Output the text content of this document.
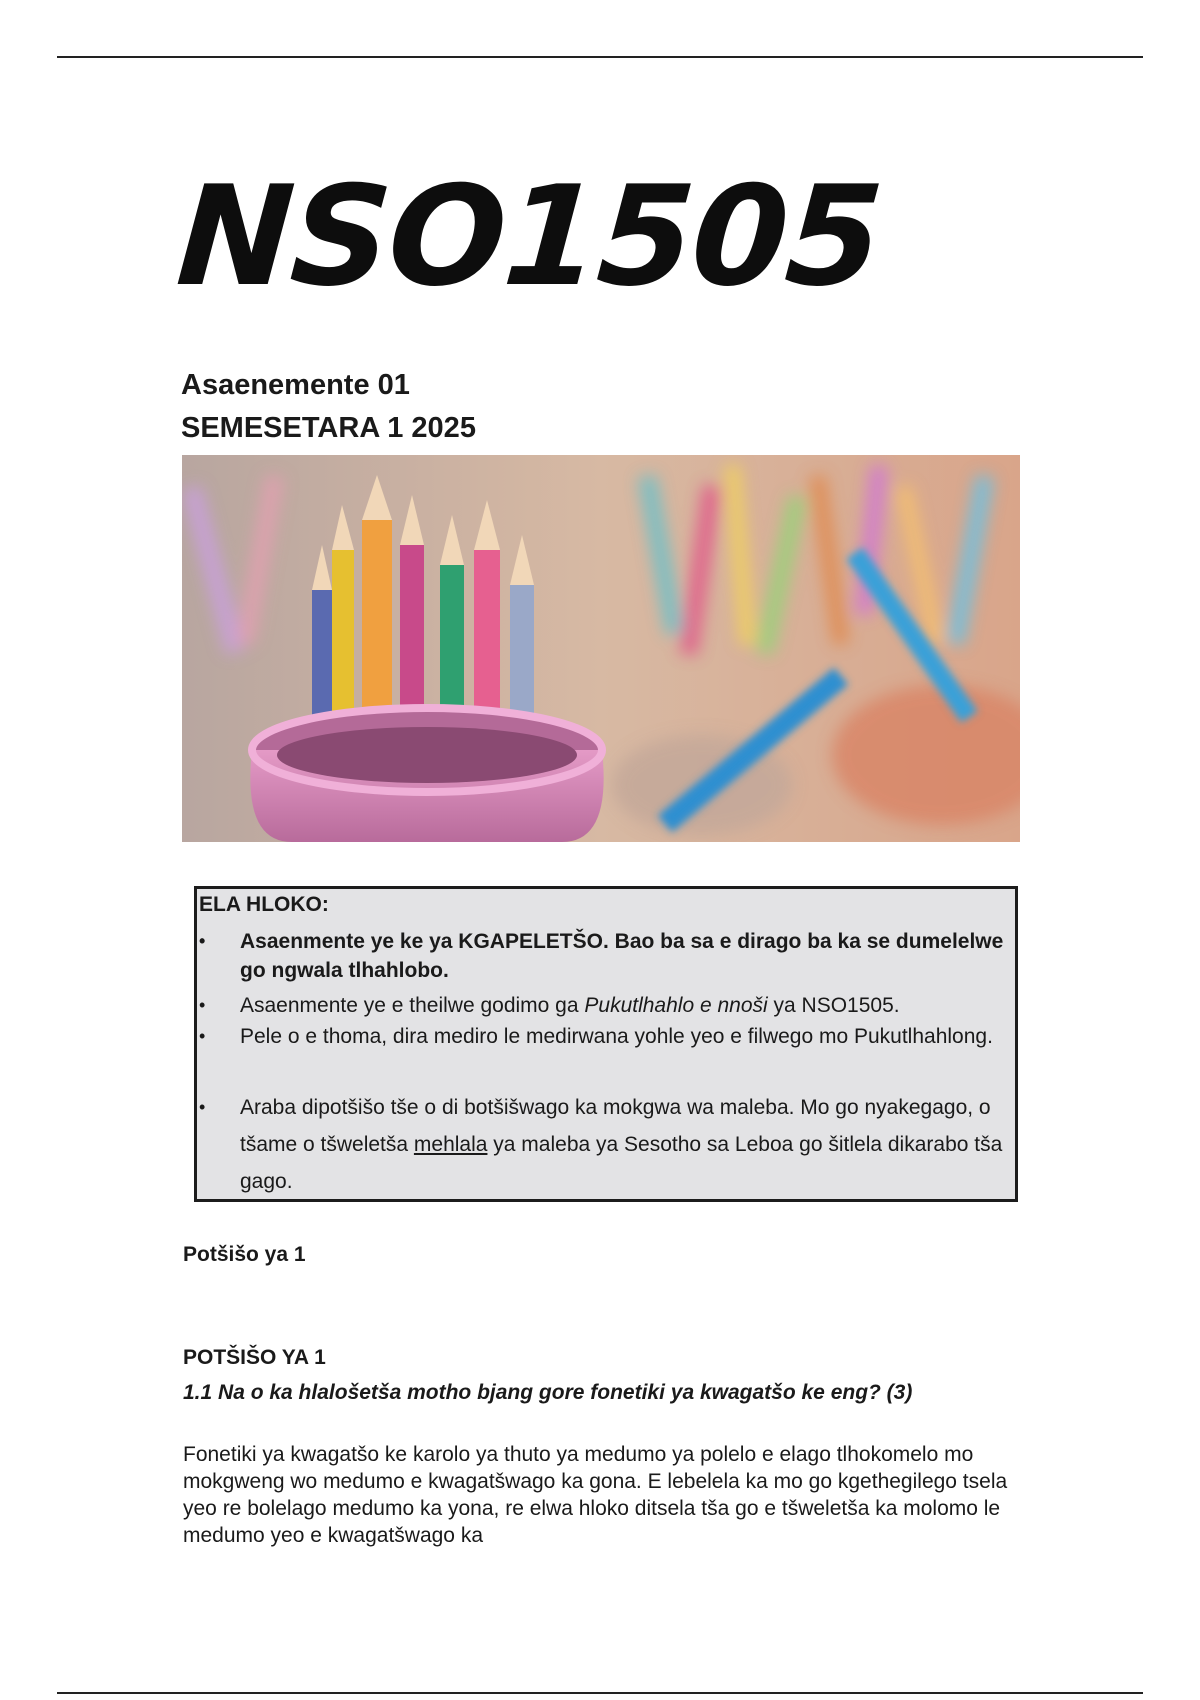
NSO1505
Asaenemente 01
SEMESETARA 1 2025
ELA HLOKO:
• Asaenmente ye ke ya KGAPELETŠO. Bao ba sa e dirago ba ka se dumelelwe go ngwala tlhahlobo.
• Asaenmente ye e theilwe godimo ga Pukutlhahlo e nnoši ya NSO1505.
• Pele o e thoma, dira mediro le medirwana yohle yeo e filwego mo Pukutlhahlong.
• Araba dipotšišo tše o di botšišwago ka mokgwa wa maleba. Mo go nyakegago, o tšame o tšweletša mehlala ya maleba ya Sesotho sa Leboa go šitlela dikarabo tša gago.
Potšišo ya 1
POTŠIŠO YA 1
1.1 Na o ka hlalošetša motho bjang gore fonetiki ya kwagatšo ke eng? (3)
Fonetiki ya kwagatšo ke karolo ya thuto ya medumo ya polelo e elago tlhokomelo mo mokgweng wo medumo e kwagatšwago ka gona. E lebelela ka mo go kgethegilego tsela yeo re bolelago medumo ka yona, re elwa hloko ditsela tša go e tšweletša ka molomo le medumo yeo e kwagatšwago ka
